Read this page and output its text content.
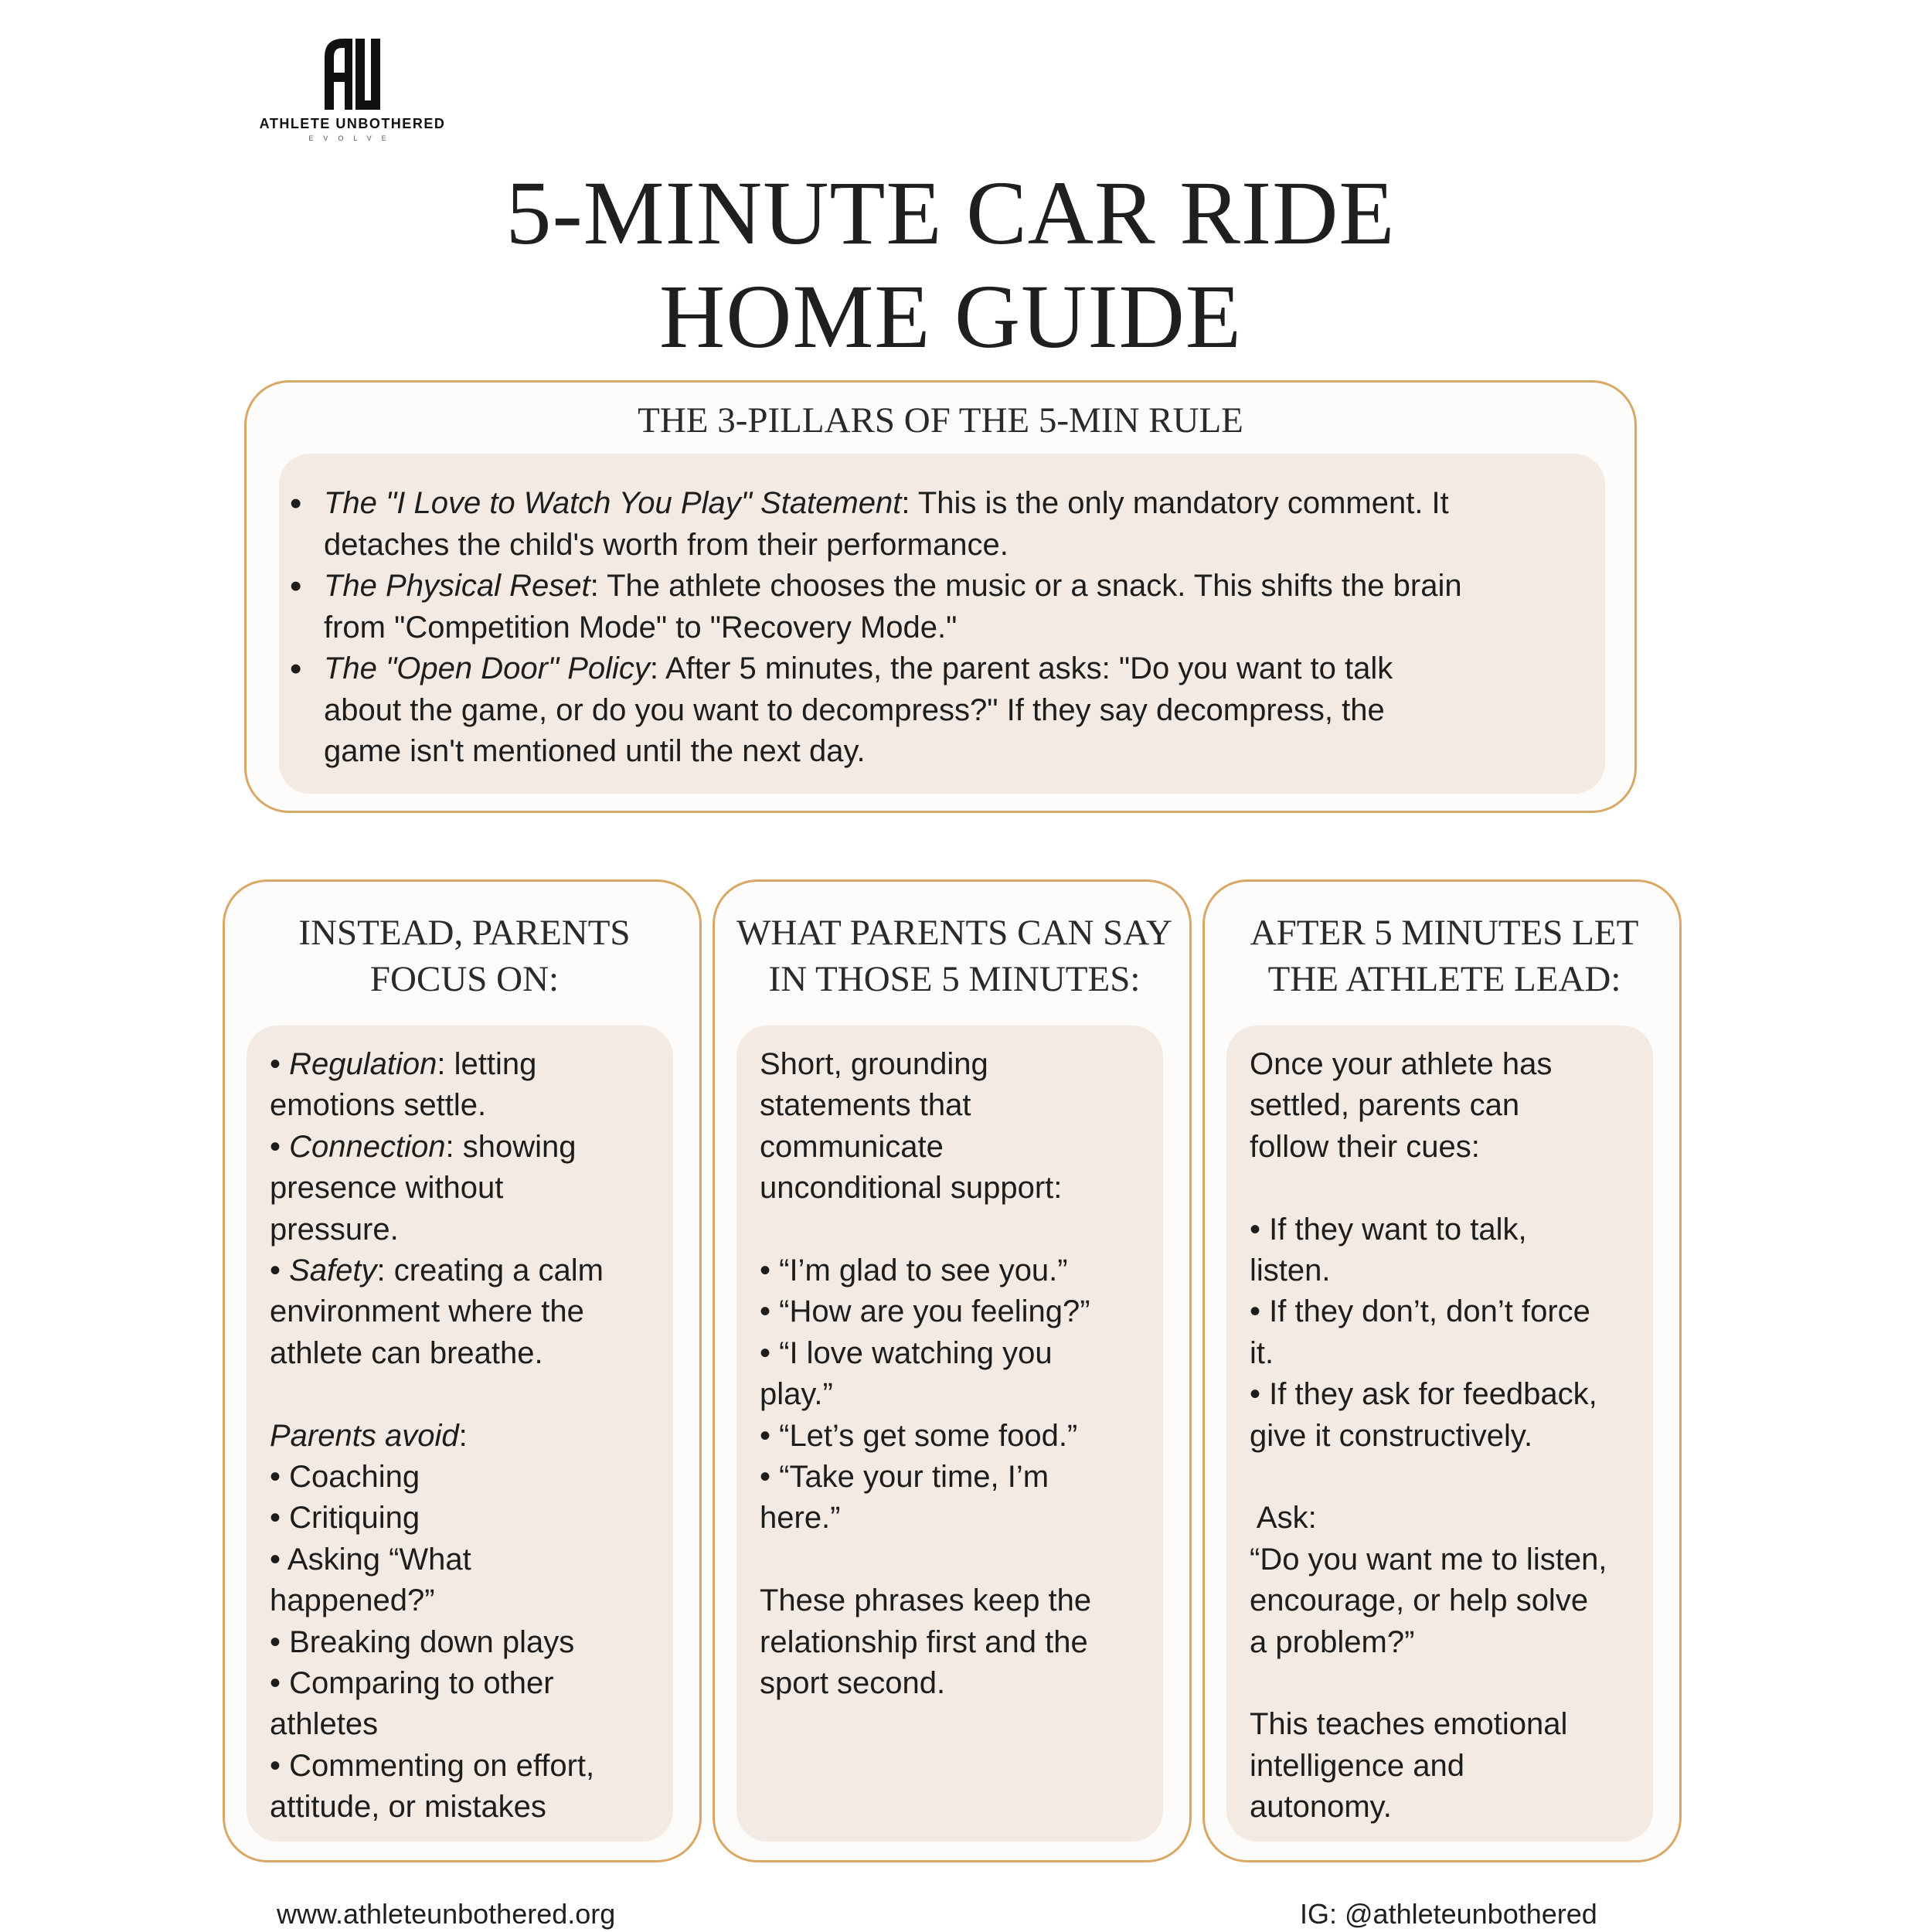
ATHLETE UNBOTHERED
EVOLVE
5-MINUTE CAR RIDE
HOME GUIDE
THE 3-PILLARS OF THE 5-MIN RULE
• The "I Love to Watch You Play" Statement: This is the only mandatory comment. It
detaches the child's worth from their performance.
• The Physical Reset: The athlete chooses the music or a snack. This shifts the brain
from "Competition Mode" to "Recovery Mode."
• The "Open Door" Policy: After 5 minutes, the parent asks: "Do you want to talk
about the game, or do you want to decompress?" If they say decompress, the
game isn't mentioned until the next day.
INSTEAD, PARENTS
FOCUS ON:
• Regulation: letting
emotions settle.
• Connection: showing
presence without
pressure.
• Safety: creating a calm
environment where the
athlete can breathe.
Parents avoid:
• Coaching
• Critiquing
• Asking “What
happened?”
• Breaking down plays
• Comparing to other
athletes
• Commenting on effort,
attitude, or mistakes
WHAT PARENTS CAN SAY
IN THOSE 5 MINUTES:
Short, grounding
statements that
communicate
unconditional support:
• “I’m glad to see you.”
• “How are you feeling?”
• “I love watching you
play.”
• “Let’s get some food.”
• “Take your time, I’m
here.”
These phrases keep the
relationship first and the
sport second.
AFTER 5 MINUTES LET
THE ATHLETE LEAD:
Once your athlete has
settled, parents can
follow their cues:
• If they want to talk,
listen.
• If they don’t, don’t force
it.
• If they ask for feedback,
give it constructively.
Ask:
“Do you want me to listen,
encourage, or help solve
a problem?”
This teaches emotional
intelligence and
autonomy.
www.athleteunbothered.org	IG: @athleteunbothered
